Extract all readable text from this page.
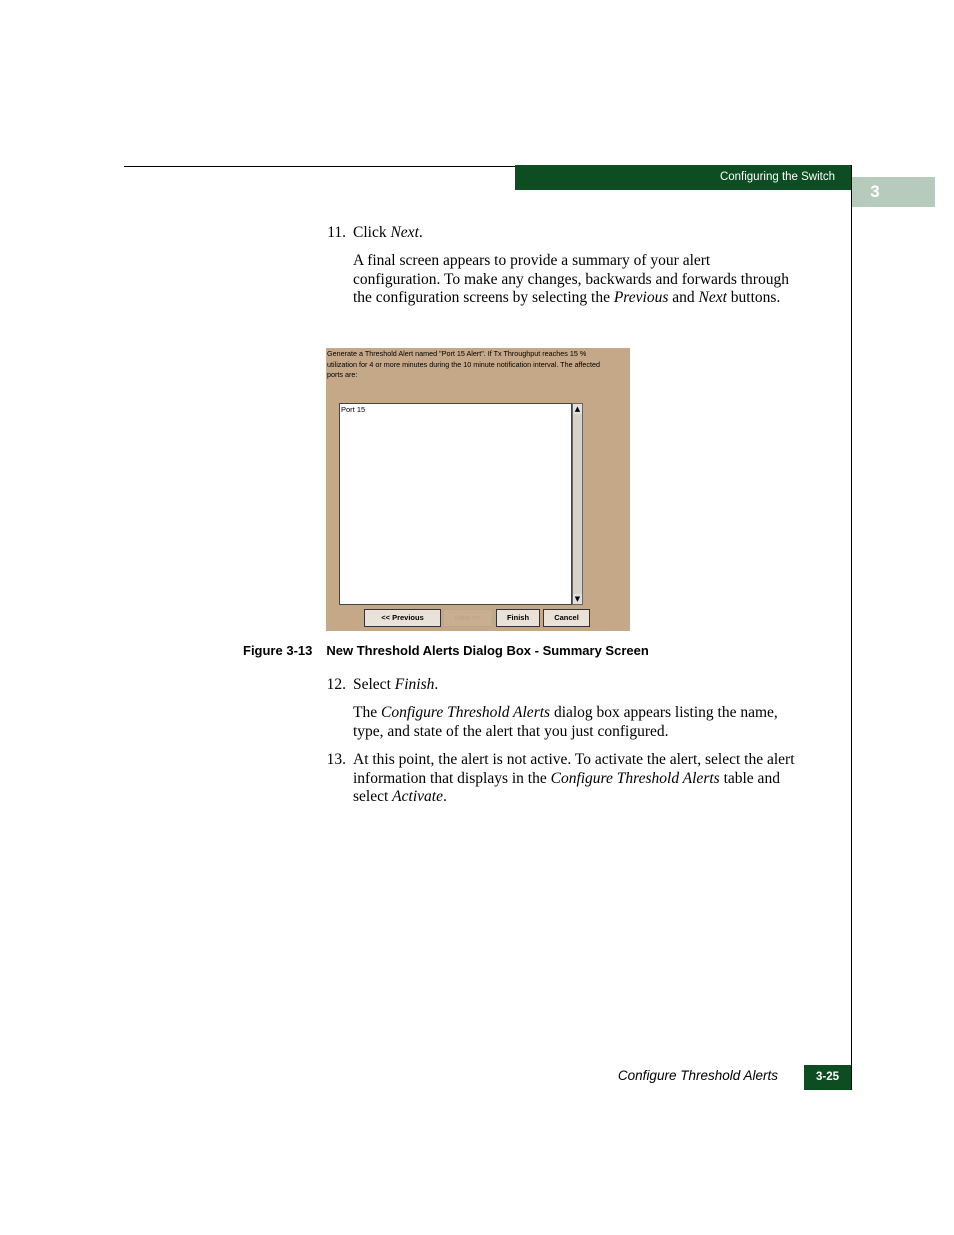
Configuring the Switch
3
11. Click Next.
A final screen appears to provide a summary of your alert configuration. To make any changes, backwards and forwards through the configuration screens by selecting the Previous and Next buttons.
Generate a Threshold Alert named "Port 15 Alert". If Tx Throughput reaches 15 %
utilization for 4 or more minutes during the 10 minute notification interval. The affected
ports are:
Port 15	▲
▼
<< Previous	Next >>	Finish	Cancel
Figure 3-13 New Threshold Alerts Dialog Box - Summary Screen
12. Select Finish.
The Configure Threshold Alerts dialog box appears listing the name, type, and state of the alert that you just configured.
13. At this point, the alert is not active. To activate the alert, select the alert information that displays in the Configure Threshold Alerts table and select Activate.
Configure Threshold Alerts	3-25
